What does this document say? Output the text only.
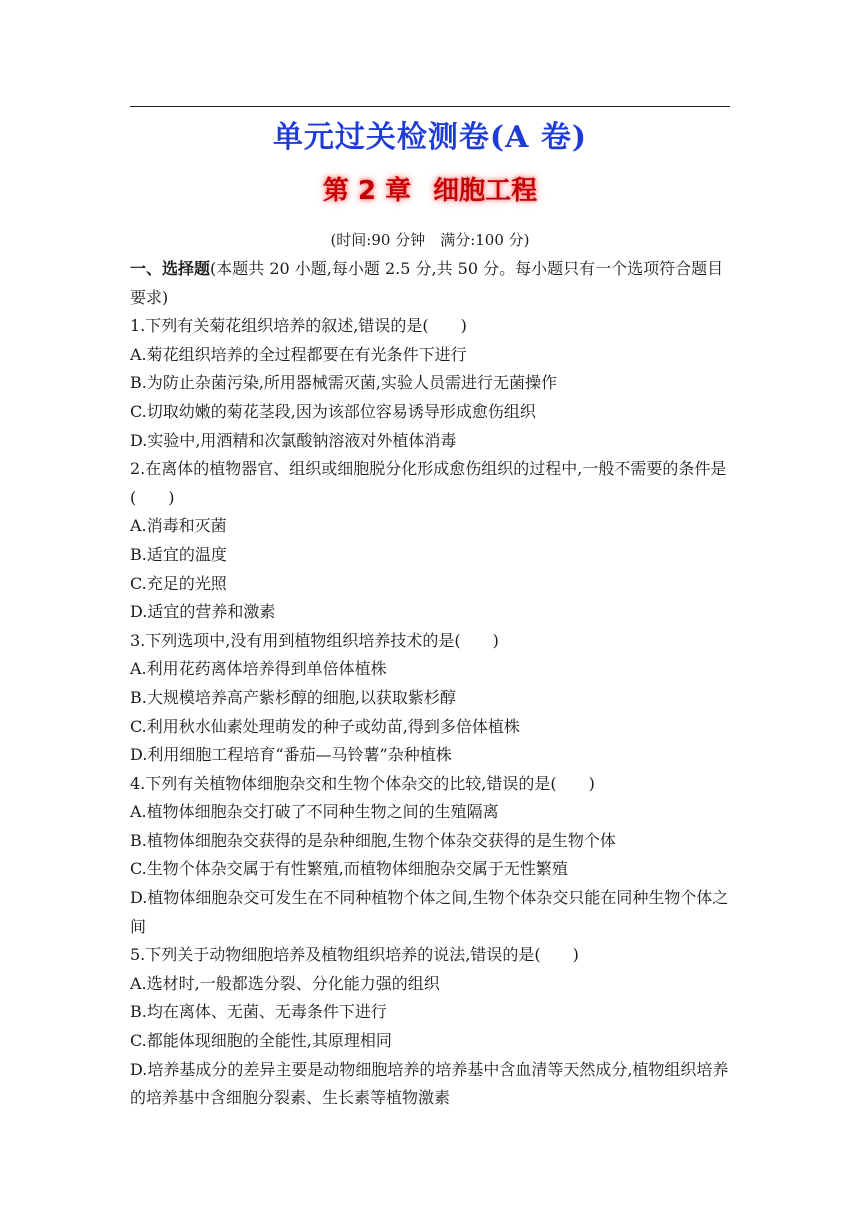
单元过关检测卷(A 卷)
第 2 章 细胞工程
(时间:90 分钟　满分:100 分)

一、选择题(本题共 20 小题,每小题 2.5 分,共 50 分。每小题只有一个选项符合题目要求)

1.下列有关菊花组织培养的叙述,错误的是(　　)

A.菊花组织培养的全过程都要在有光条件下进行

B.为防止杂菌污染,所用器械需灭菌,实验人员需进行无菌操作

C.切取幼嫩的菊花茎段,因为该部位容易诱导形成愈伤组织

D.实验中,用酒精和次氯酸钠溶液对外植体消毒

2.在离体的植物器官、组织或细胞脱分化形成愈伤组织的过程中,一般不需要的条件是(　　)

A.消毒和灭菌

B.适宜的温度

C.充足的光照

D.适宜的营养和激素

3.下列选项中,没有用到植物组织培养技术的是(　　)

A.利用花药离体培养得到单倍体植株

B.大规模培养高产紫杉醇的细胞,以获取紫杉醇

C.利用秋水仙素处理萌发的种子或幼苗,得到多倍体植株

D.利用细胞工程培育“番茄—马铃薯”杂种植株

4.下列有关植物体细胞杂交和生物个体杂交的比较,错误的是(　　)

A.植物体细胞杂交打破了不同种生物之间的生殖隔离

B.植物体细胞杂交获得的是杂种细胞,生物个体杂交获得的是生物个体

C.生物个体杂交属于有性繁殖,而植物体细胞杂交属于无性繁殖

D.植物体细胞杂交可发生在不同种植物个体之间,生物个体杂交只能在同种生物个体之间

5.下列关于动物细胞培养及植物组织培养的说法,错误的是(　　)

A.选材时,一般都选分裂、分化能力强的组织

B.均在离体、无菌、无毒条件下进行

C.都能体现细胞的全能性,其原理相同

D.培养基成分的差异主要是动物细胞培养的培养基中含血清等天然成分,植物组织培养的培养基中含细胞分裂素、生长素等植物激素
